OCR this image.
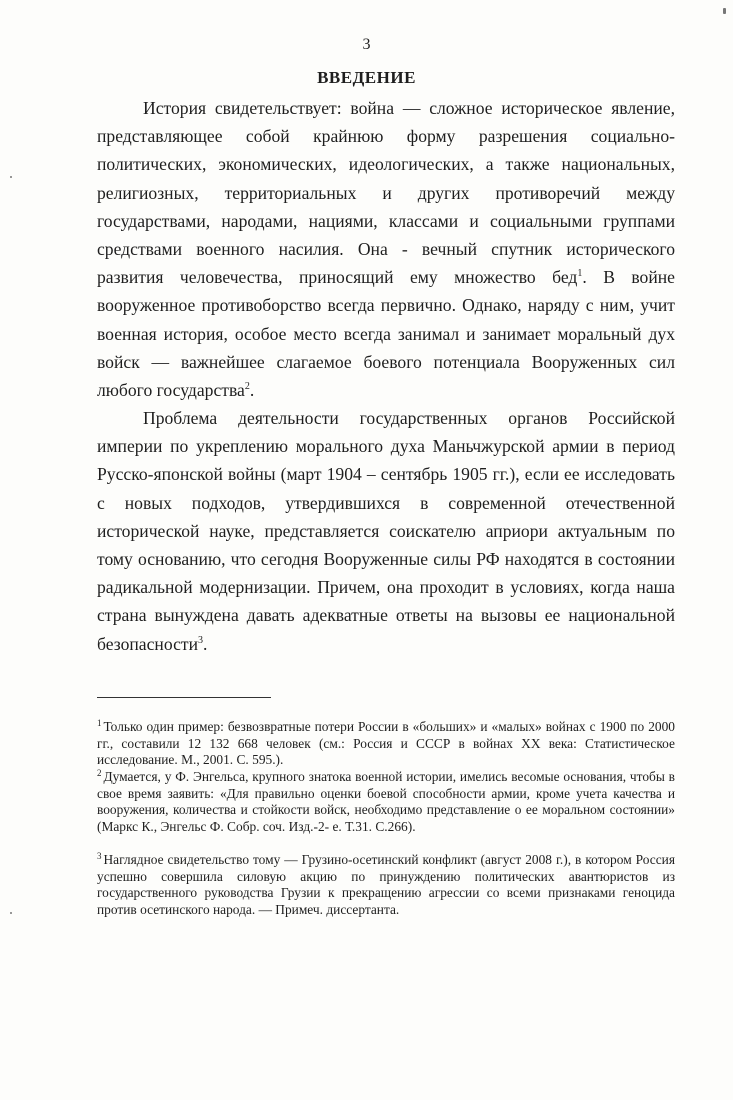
3
ВВЕДЕНИЕ

История свидетельствует: война — сложное историческое явление, представляющее собой крайнюю форму разрешения социально-политических, экономических, идеологических, а также национальных, религиозных, территориальных и других противоречий между государствами, народами, нациями, классами и социальными группами средствами военного насилия. Она - вечный спутник исторического развития человечества, приносящий ему множество бед$^1$. В войне вооруженное противоборство всегда первично. Однако, наряду с ним, учит военная история, особое место всегда занимал и занимает моральный дух войск — важнейшее слагаемое боевого потенциала Вооруженных сил любого государства$^2$.

Проблема деятельности государственных органов Российской империи по укреплению морального духа Маньчжурской армии в период Русско-японской войны (март 1904 – сентябрь 1905 гг.), если ее исследовать с новых подходов, утвердившихся в современной отечественной исторической науке, представляется соискателю априори актуальным по тому основанию, что сегодня Вооруженные силы РФ находятся в состоянии радикальной модернизации. Причем, она проходит в условиях, когда наша страна вынуждена давать адекватные ответы на вызовы ее национальной безопасности$^3$.

$^1$ Только один пример: безвозвратные потери России в «больших» и «малых» войнах с 1900 по 2000 гг., составили 12 132 668 человек (см.: Россия и СССР в войнах XX века: Статистическое исследование. М., 2001. С. 595.).

$^2$ Думается, у Ф. Энгельса, крупного знатока военной истории, имелись весомые основания, чтобы в свое время заявить: «Для правильно оценки боевой способности армии, кроме учета качества и вооружения, количества и стойкости войск, необходимо представление о ее моральном состоянии» (Маркс К., Энгельс Ф. Собр. соч. Изд.-2- е. Т.31. С.266).

$^3$ Наглядное свидетельство тому — Грузино-осетинский конфликт (август 2008 г.), в котором Россия успешно совершила силовую акцию по принуждению политических авантюристов из государственного руководства Грузии к прекращению агрессии со всеми признаками геноцида против осетинского народа. — Примеч. диссертанта.
